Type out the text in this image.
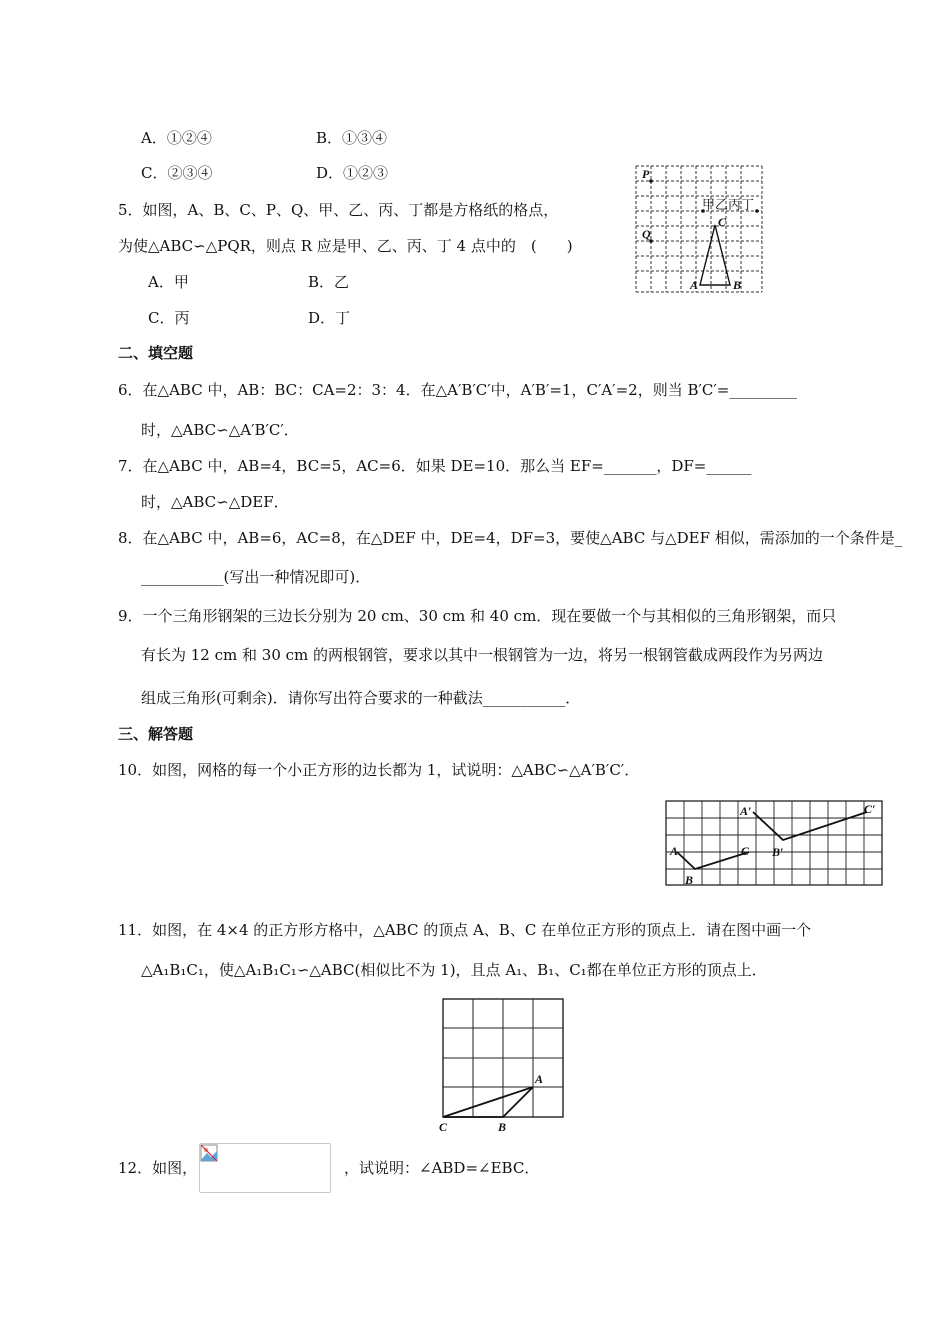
A．①②④	B．①③④
C．②③④	D．①②③
5．如图，A、B、C、P、Q、甲、乙、丙、丁都是方格纸的格点，
为使△ABC∽△PQR，则点 R 应是甲、乙、丙、丁 4 点中的　(　　)
A．甲	B．乙
C．丙	D．丁
P
Q
A	B
C
甲乙丙丁
二、填空题
6．在△ABC 中，AB：BC：CA=2：3：4．在△A′B′C′中，A′B′=1，C′A′=2，则当 B′C′=_________
时，△ABC∽△A′B′C′．
7．在△ABC 中，AB=4，BC=5，AC=6．如果 DE=10．那么当 EF=_______，DF=______
时，△ABC∽△DEF．
8．在△ABC 中，AB=6，AC=8，在△DEF 中，DE=4，DF=3，要使△ABC 与△DEF 相似，需添加的一个条件是_
___________(写出一种情况即可)．
9．一个三角形钢架的三边长分别为 20 cm、30 cm 和 40 cm．现在要做一个与其相似的三角形钢架，而只
有长为 12 cm 和 30 cm 的两根钢管，要求以其中一根钢管为一边，将另一根钢管截成两段作为另两边
组成三角形(可剩余)．请你写出符合要求的一种截法___________．
三、解答题
10．如图，网格的每一个小正方形的边长都为 1，试说明：△ABC∽△A′B′C′．
A
B
C
A′
B′
C′
11．如图，在 4×4 的正方形方格中，△ABC 的顶点 A、B、C 在单位正方形的顶点上．请在图中画一个
△A₁B₁C₁，使△A₁B₁C₁∽△ABC(相似比不为 1)，且点 A₁、B₁、C₁都在单位正方形的顶点上．
A
B
C
12．如图，	，试说明：∠ABD=∠EBC．
